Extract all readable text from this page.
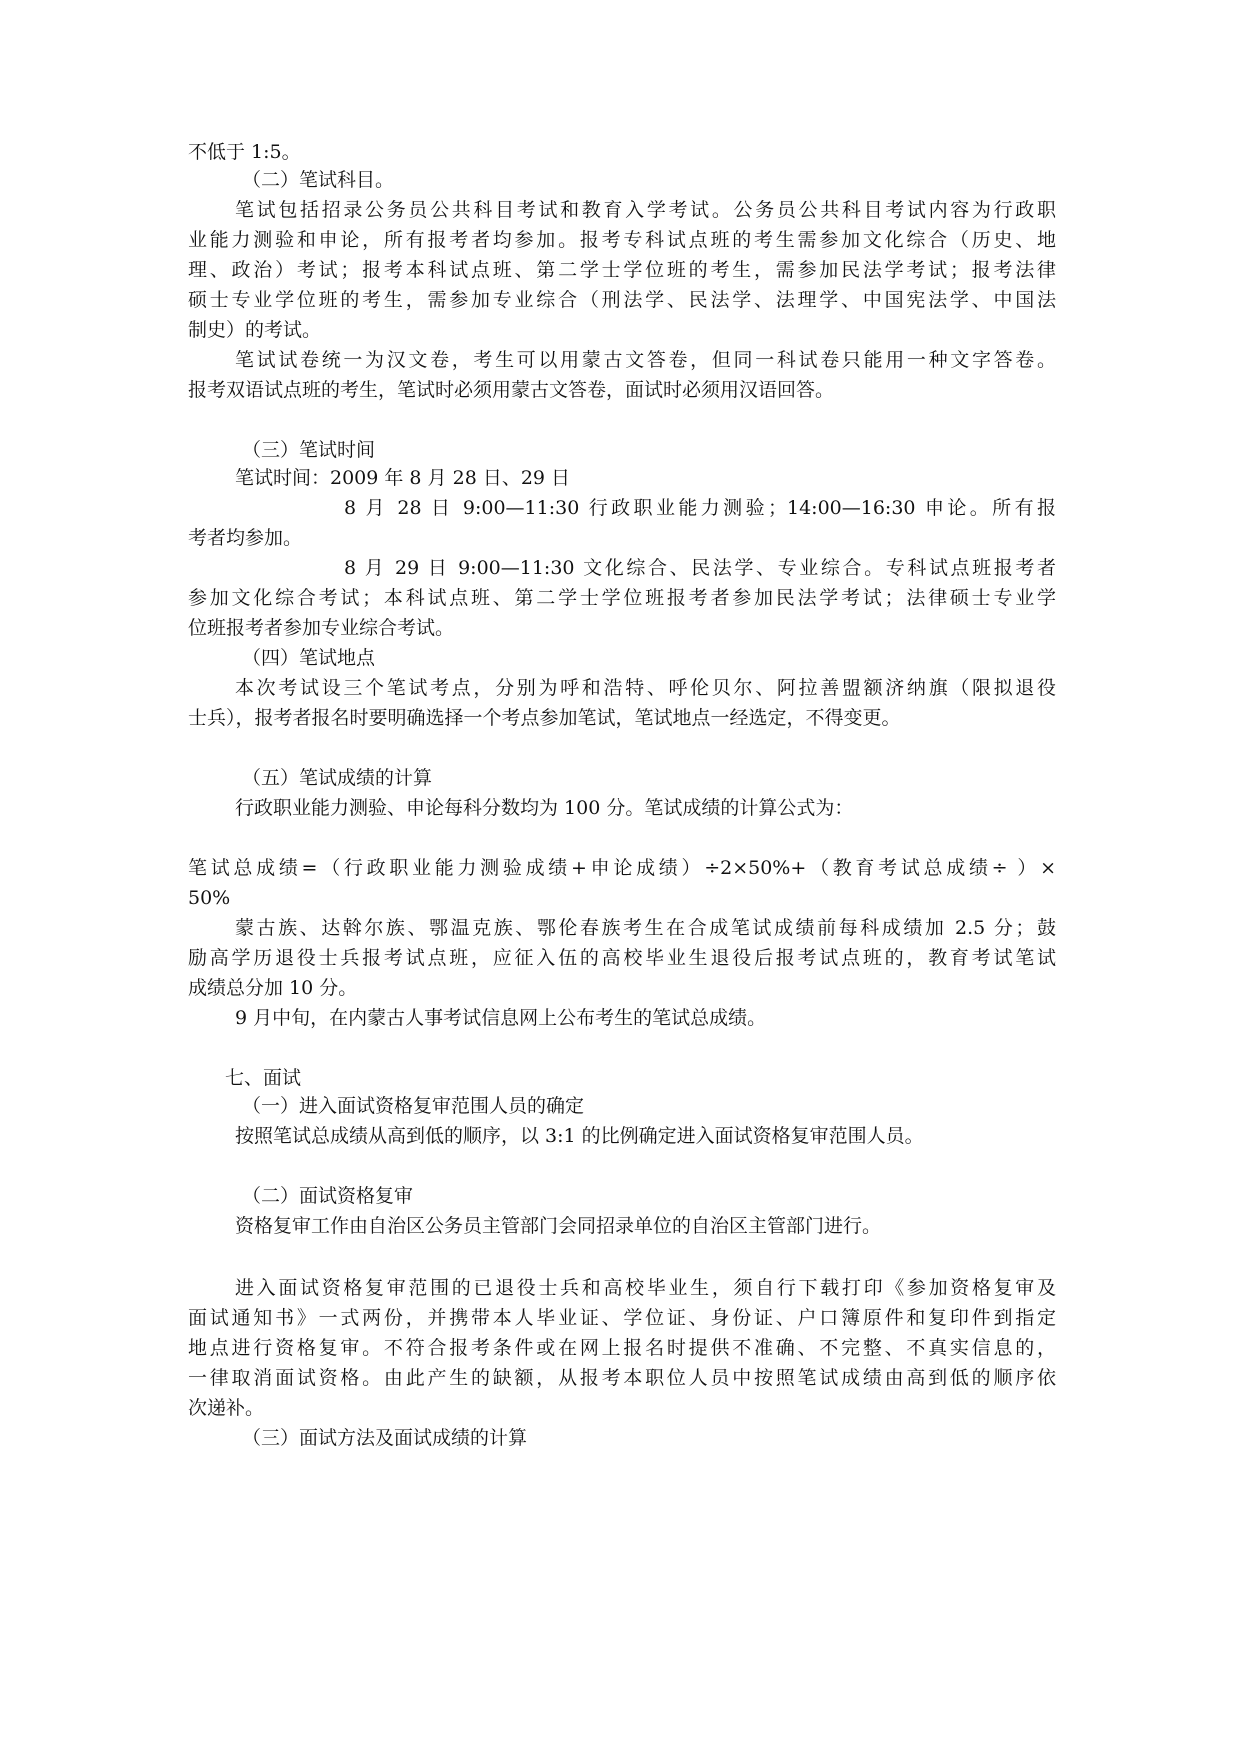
不低于 1:5。
（二）笔试科目。
笔试包括招录公务员公共科目考试和教育入学考试。公务员公共科目考试内容为行政职
业能力测验和申论，所有报考者均参加。报考专科试点班的考生需参加文化综合（历史、地
理、政治）考试；报考本科试点班、第二学士学位班的考生，需参加民法学考试；报考法律
硕士专业学位班的考生，需参加专业综合（刑法学、民法学、法理学、中国宪法学、中国法
制史）的考试。
笔试试卷统一为汉文卷，考生可以用蒙古文答卷，但同一科试卷只能用一种文字答卷。
报考双语试点班的考生，笔试时必须用蒙古文答卷，面试时必须用汉语回答。
（三）笔试时间
笔试时间：2009 年 8 月 28 日、29 日
8 月 28 日 9:00—11:30 行政职业能力测验；14:00—16:30 申论。所有报
考者均参加。
8 月 29 日 9:00—11:30 文化综合、民法学、专业综合。专科试点班报考者
参加文化综合考试；本科试点班、第二学士学位班报考者参加民法学考试；法律硕士专业学
位班报考者参加专业综合考试。
（四）笔试地点
本次考试设三个笔试考点，分别为呼和浩特、呼伦贝尔、阿拉善盟额济纳旗（限拟退役
士兵），报考者报名时要明确选择一个考点参加笔试，笔试地点一经选定，不得变更。
（五）笔试成绩的计算
行政职业能力测验、申论每科分数均为 100 分。笔试成绩的计算公式为：
笔试总成绩=（行政职业能力测验成绩+申论成绩）÷2×50%+（教育考试总成绩÷ ）×
50%
蒙古族、达斡尔族、鄂温克族、鄂伦春族考生在合成笔试成绩前每科成绩加 2.5 分；鼓
励高学历退役士兵报考试点班，应征入伍的高校毕业生退役后报考试点班的，教育考试笔试
成绩总分加 10 分。
9 月中旬，在内蒙古人事考试信息网上公布考生的笔试总成绩。
七、面试
（一）进入面试资格复审范围人员的确定
按照笔试总成绩从高到低的顺序，以 3:1 的比例确定进入面试资格复审范围人员。
（二）面试资格复审
资格复审工作由自治区公务员主管部门会同招录单位的自治区主管部门进行。
进入面试资格复审范围的已退役士兵和高校毕业生，须自行下载打印《参加资格复审及
面试通知书》一式两份，并携带本人毕业证、学位证、身份证、户口簿原件和复印件到指定
地点进行资格复审。不符合报考条件或在网上报名时提供不准确、不完整、不真实信息的，
一律取消面试资格。由此产生的缺额，从报考本职位人员中按照笔试成绩由高到低的顺序依
次递补。
（三）面试方法及面试成绩的计算
